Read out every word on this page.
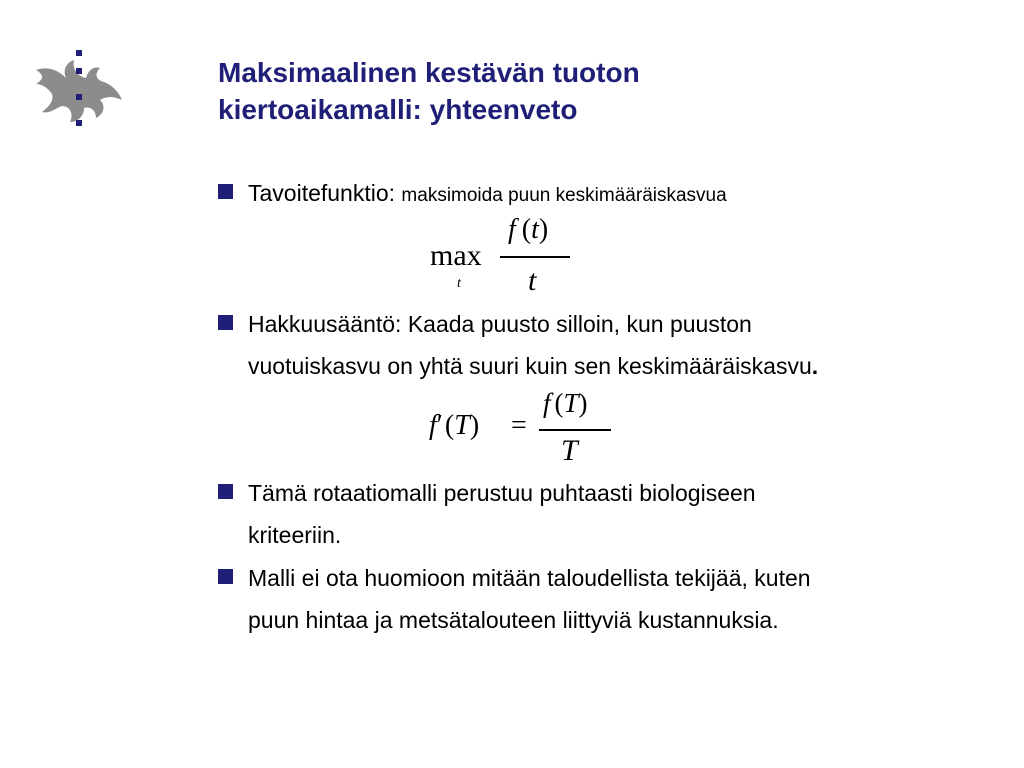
Maksimaalinen kestävän tuoton
kiertoaikamalli: yhteenveto
Tavoitefunktio: maksimoida puun keskimääräiskasvua
max
t
f (t)
t
Hakkuusääntö: Kaada puusto silloin, kun puuston
vuotuiskasvu on yhtä suuri kuin sen keskimääräiskasvu.
f′(T) =
f (T)
T
Tämä rotaatiomalli perustuu puhtaasti biologiseen
kriteeriin.
Malli ei ota huomioon mitään taloudellista tekijää, kuten
puun hintaa ja metsätalouteen liittyviä kustannuksia.
